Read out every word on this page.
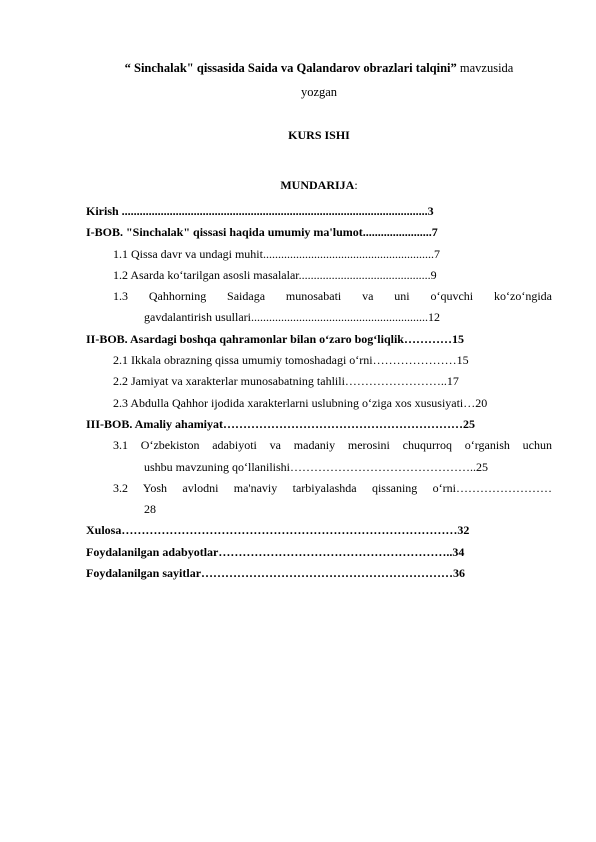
“ Sinchalak" qissasida Saida va Qalandarov obrazlari talqini” mavzusida
yozgan
KURS ISHI
MUNDARIJA:
Kirish ......................................................................................................3
I-BOB. "Sinchalak" qissasi haqida umumiy ma'lumot.......................7
1.1 Qissa davr va undagi muhit.........................................................7
1.2 Asarda ko‘tarilgan asosli masalalar............................................9
1.3 Qahhorning Saidaga munosabati va uni o‘quvchi ko‘zo‘ngida
gavdalantirish usullari...........................................................12
II-BOB. Asardagi boshqa qahramonlar bilan o‘zaro bog‘liqlik…………15
2.1 Ikkala obrazning qissa umumiy tomoshadagi o‘rni…………………15
2.2 Jamiyat va xarakterlar munosabatning tahlili……………………..17
2.3 Abdulla Qahhor ijodida xarakterlarni uslubning o‘ziga xos xususiyati…20
III-BOB. Amaliy ahamiyat……………………………………………………25
3.1 O‘zbekiston adabiyoti va madaniy merosini chuqurroq o‘rganish uchun
ushbu mavzuning qo‘llanilishi………………………………………..25
3.2 Yosh avlodni ma'naviy tarbiyalashda qissaning o‘rni……………………
28
Xulosa…………………………………………………………………………32
Foydalanilgan adabyotlar…………………………………………………..34
Foydalanilgan sayitlar………………………………………………………36
